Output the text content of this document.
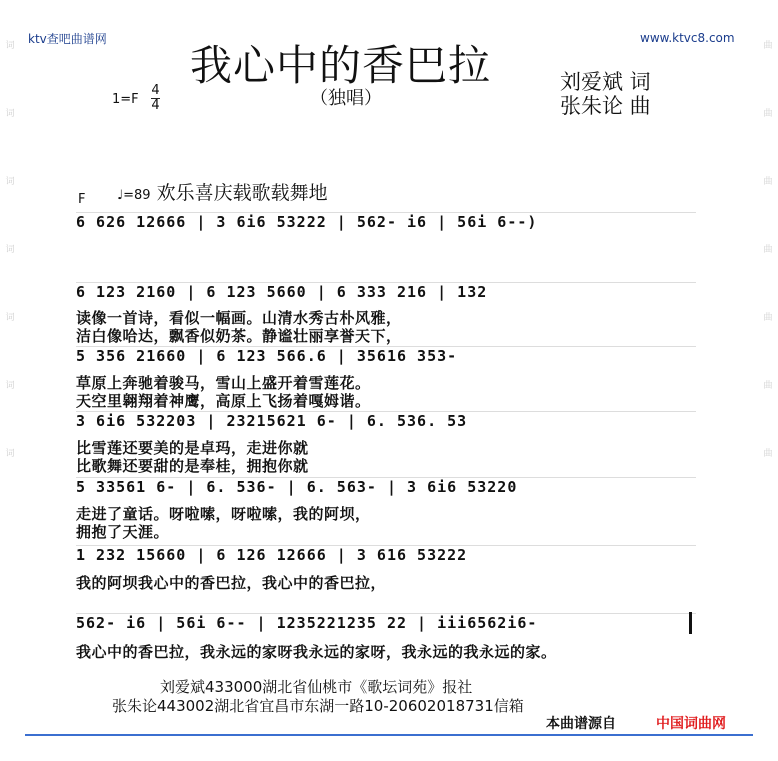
词
词
词
词
词
词
词
曲
曲
曲
曲
曲
曲
曲
ktv查吧曲谱网	www.ktvc8.com
我心中的香巴拉
（独唱）
刘爱斌 词
张朱论 曲
1=F
4
4
♩=89 欢乐喜庆载歌载舞地
F
6 626 12666 | 3 6i6 53222 | 562- i6 | 56i 6--)
6 123 2160 | 6 123 5660 | 6 333 216 | 132
读像一首诗，看似一幅画。山清水秀古朴风雅，
洁白像哈达，飘香似奶茶。静谧壮丽享誉天下，
5 356 21660 | 6 123 566.6 | 35616 353-
草原上奔驰着骏马，雪山上盛开着雪莲花。
天空里翱翔着神鹰，高原上飞扬着嘎姆谐。
3 6i6 532203 | 23215621 6- | 6. 536. 53
比雪莲还要美的是卓玛，走进你就
比歌舞还要甜的是奉桂，拥抱你就
5 33561 6- | 6. 536- | 6. 563- | 3 6i6 53220
走进了童话。呀啦嗦，呀啦嗦，我的阿坝，
拥抱了天涯。
1 232 15660 | 6 126 12666 | 3 616 53222
我的阿坝我心中的香巴拉，我心中的香巴拉，
562- i6 | 56i 6-- | 1235221235 22 | iii6562i6-
我心中的香巴拉，我永远的家呀我永远的家呀，我永远的我永远的家。
刘爱斌433000湖北省仙桃市《歌坛词苑》报社
张朱论443002湖北省宜昌市东湖一路10-20602018731信箱
本曲谱源自	中国词曲网
